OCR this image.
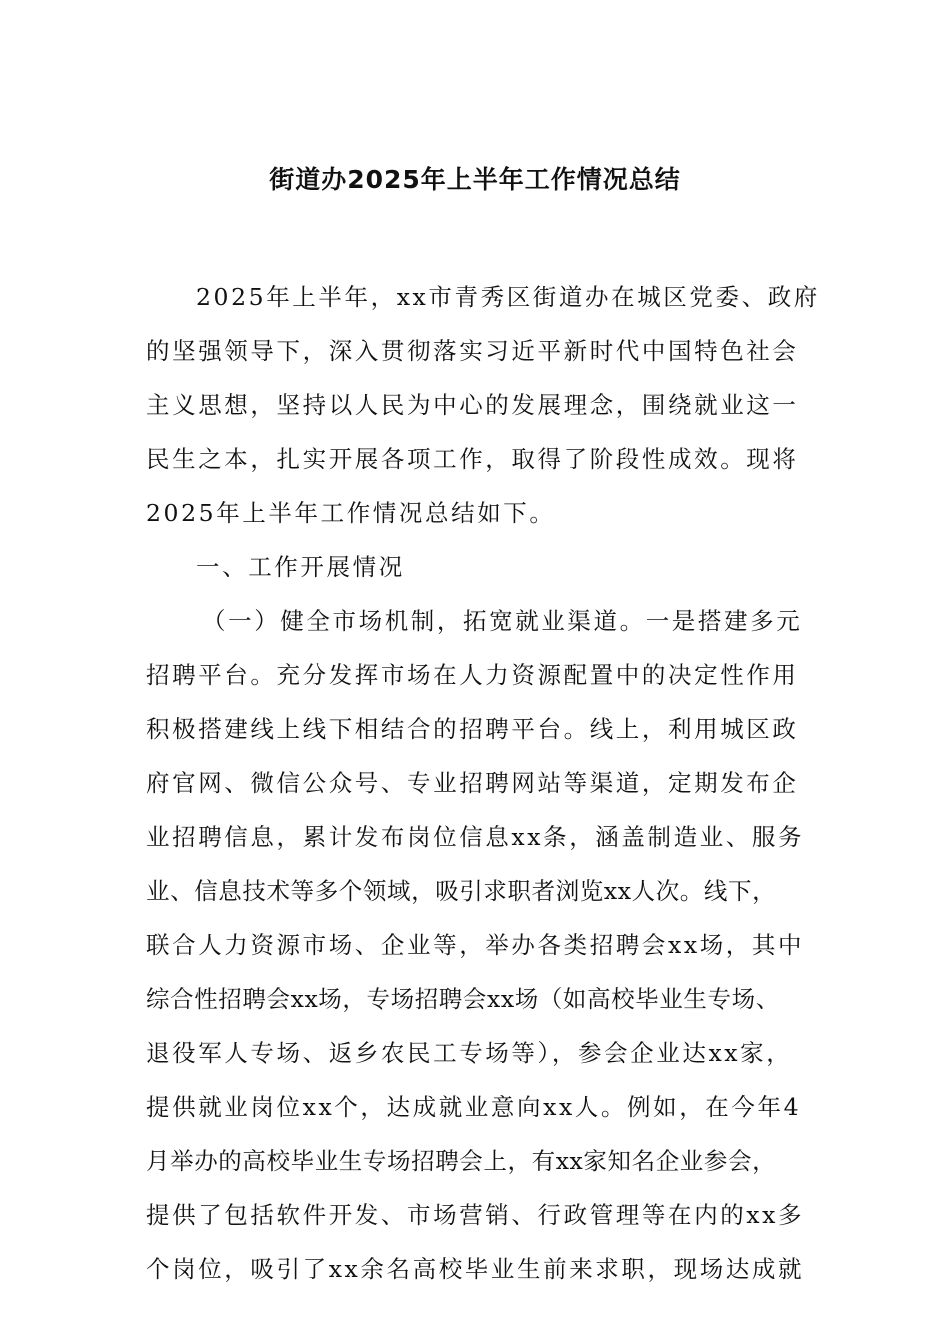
街道办2025年上半年工作情况总结
2025年上半年，xx市青秀区街道办在城区党委、政府
的坚强领导下，深入贯彻落实习近平新时代中国特色社会
主义思想，坚持以人民为中心的发展理念，围绕就业这一
民生之本，扎实开展各项工作，取得了阶段性成效。现将
2025年上半年工作情况总结如下。
一、工作开展情况
（一）健全市场机制，拓宽就业渠道。一是搭建多元
招聘平台。充分发挥市场在人力资源配置中的决定性作用
积极搭建线上线下相结合的招聘平台。线上，利用城区政
府官网、微信公众号、专业招聘网站等渠道，定期发布企
业招聘信息，累计发布岗位信息xx条，涵盖制造业、服务
业、信息技术等多个领域，吸引求职者浏览xx人次。线下，
联合人力资源市场、企业等，举办各类招聘会xx场，其中
综合性招聘会xx场，专场招聘会xx场（如高校毕业生专场、
退役军人专场、返乡农民工专场等），参会企业达xx家，
提供就业岗位xx个，达成就业意向xx人。例如，在今年4
月举办的高校毕业生专场招聘会上，有xx家知名企业参会，
提供了包括软件开发、市场营销、行政管理等在内的xx多
个岗位，吸引了xx余名高校毕业生前来求职，现场达成就
